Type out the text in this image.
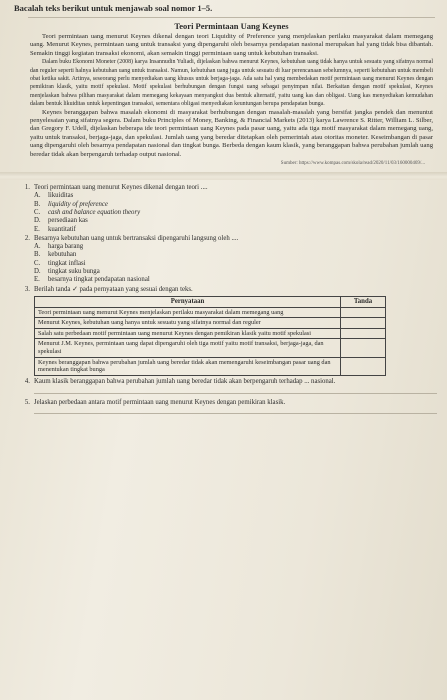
Bacalah teks berikut untuk menjawab soal nomor 1–5.
Teori Permintaan Uang Keynes

Teori permintaan uang menurut Keynes dikenal dengan teori Liquidity of Preference yang menjelaskan perilaku masyarakat dalam memegang uang. Menurut Keynes, permintaan uang untuk transaksi yang dipengaruhi oleh besarnya pendapatan nasional merupakan hal yang tidak bisa dibantah. Semakin tinggi kegiatan transaksi ekonomi, akan semakin tinggi permintaan uang untuk kebutuhan transaksi.

Dalam buku Ekonomi Moneter (2008) karya Insannudin Yuliadi, dijelaskan bahwa menurut Keynes, kebutuhan uang tidak hanya untuk sesuatu yang sifatnya normal dan reguler seperti halnya kebutuhan uang untuk transaksi. Namun, kebutuhan uang juga untuk sesuatu di luar perencanaan sebelumnya, seperti kebutuhan untuk membeli obat ketika sakit. Artinya, seseorang perlu menyediakan uang khusus untuk berjaga-jaga. Ada satu hal yang membedakan motif permintaan uang menurut Keynes dengan pemikiran klasik, yaitu motif spekulasi. Motif spekulasi berhubungan dengan fungsi uang sebagai penyimpan nilai. Berkaitan dengan motif spekulasi, Keynes menjelaskan bahwa pilihan masyarakat dalam memegang kekayaan menyangkut dua bentuk alternatif, yaitu uang kas dan obligasi. Uang kas menyediakan kemudahan dalam bentuk likuiditas untuk kepentingan transaksi, sementara obligasi menyediakan keuntungan berupa pendapatan bunga.

Keynes beranggapan bahwa masalah ekonomi di masyarakat berhubungan dengan masalah-masalah yang bersifat jangka pendek dan menuntut penyelesaian yang sifatnya segera. Dalam buku Principles of Money, Banking, & Financial Markets (2013) karya Lawrence S. Ritter, William L. Silber, dan Gregory F. Udell, dijelaskan beberapa ide teori permintaan uang Keynes pada pasar uang, yaitu ada tiga motif masyarakat dalam memegang uang, yaitu untuk transaksi, berjaga-jaga, dan spekulasi. Jumlah uang yang beredar ditetapkan oleh pemerintah atau otoritas moneter. Keseimbangan di pasar uang dipengaruhi oleh besarnya pendapatan nasional dan tingkat bunga. Berbeda dengan kaum klasik, yang beranggapan bahwa perubahan jumlah uang beredar tidak akan berpengaruh terhadap output nasional.

Sumber: https://www.kompas.com/skola/read/2020/11/03/160000469/...
1. Teori permintaan uang menurut Keynes dikenal dengan teori ....
A.	likuiditas
B.	liquidity of preference
C.	cash and balance equation theory
D.	persediaan kas
E.	kuantitatif
2. Besarnya kebutuhan uang untuk bertransaksi dipengaruhi langsung oleh ....
A.	harga barang
B.	kebutuhan
C.	tingkat inflasi
D.	tingkat suku bunga
E.	besarnya tingkat pendapatan nasional
3. Berilah tanda ✓ pada pernyataan yang sesuai dengan teks.
Pernyataan	Tanda
Teori permintaan uang menurut Keynes menjelaskan perilaku masyarakat dalam memegang uang	
Menurut Keynes, kebutuhan uang hanya untuk sesuatu yang sifatnya normal dan reguler	
Salah satu perbedaan motif permintaan uang menurut Keynes dengan pemikiran klasik yaitu motif spekulasi	
Menurut J.M. Keynes, permintaan uang dapat dipengaruhi oleh tiga motif yaitu motif transaksi, berjaga-jaga, dan spekulasi	
Keynes beranggapan bahwa perubahan jumlah uang beredar tidak akan memengaruhi keseimbangan pasar uang dan menentukan tingkat bunga	
4. Kaum klasik beranggapan bahwa perubahan jumlah uang beredar tidak akan berpengaruh terhadap ... nasional.
5. Jelaskan perbedaan antara motif permintaan uang menurut Keynes dengan pemikiran klasik.
